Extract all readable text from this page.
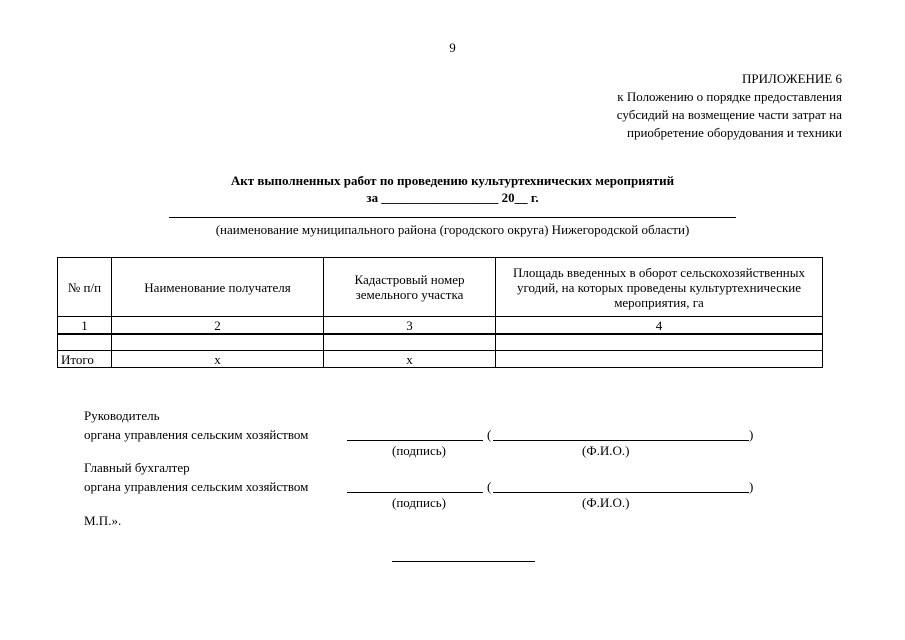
9
ПРИЛОЖЕНИЕ 6
к Положению о порядке предоставления
субсидий на возмещение части затрат на
приобретение оборудования и техники
Акт выполненных работ по проведению культуртехнических мероприятий
за __________________ 20__ г.
(наименование муниципального района (городского округа) Нижегородской области)
№ п/п	Наименование получателя	Кадастровый номер земельного участка	Площадь введенных в оборот сельскохозяйственных угодий, на которых проведены культуртехнические мероприятия, га
1	2	3	4

Итого	х	х	
Руководитель
органа управления сельским хозяйством	(	)
(подпись)	(Ф.И.О.)
Главный бухгалтер
органа управления сельским хозяйством	(	)
(подпись)	(Ф.И.О.)
М.П.».
